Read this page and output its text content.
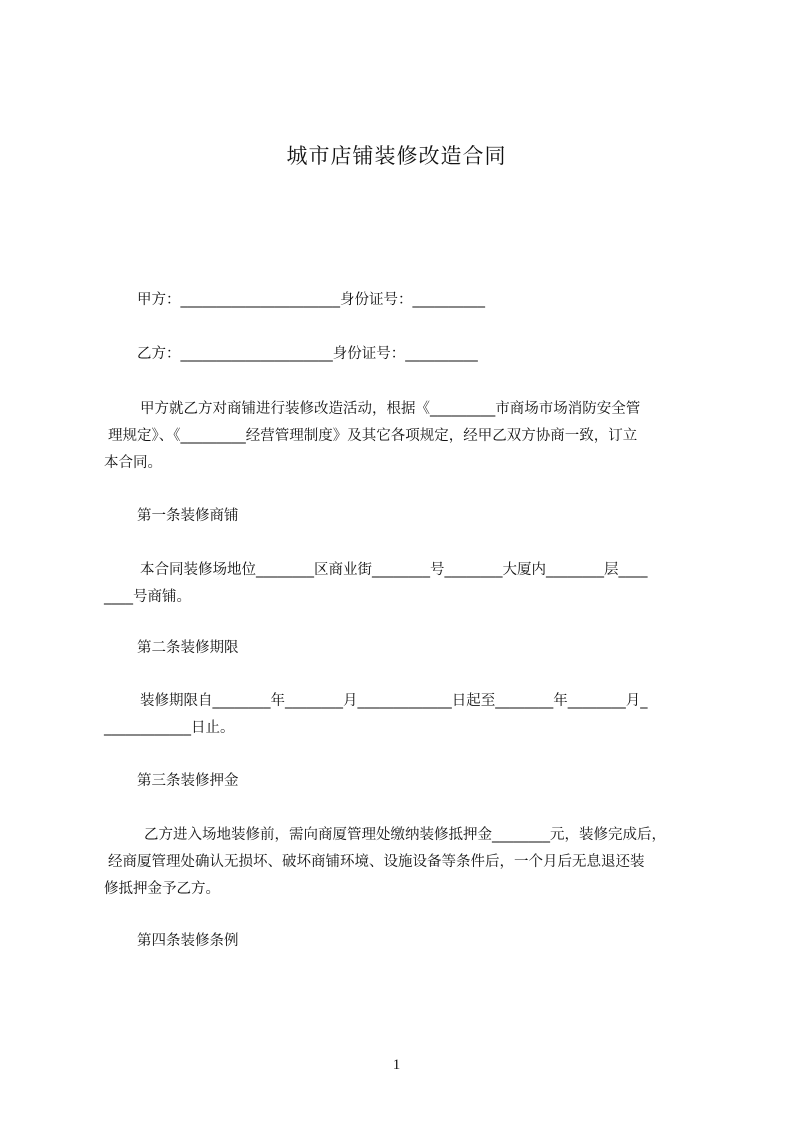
城市店铺装修改造合同
甲方：______________________身份证号：__________
乙方：_____________________身份证号：__________
甲方就乙方对商铺进行装修改造活动，根据《_________市商场市场消防安全管
理规定》、《_________经营管理制度》及其它各项规定，经甲乙双方协商一致，订立
本合同。
第一条装修商铺
本合同装修场地位________区商业街________号________大厦内________层____
____号商铺。
第二条装修期限
装修期限自________年________月_____________日起至________年________月_
____________日止。
第三条装修押金
乙方进入场地装修前，需向商厦管理处缴纳装修抵押金________元，装修完成后，
经商厦管理处确认无损坏、破坏商铺环境、设施设备等条件后，一个月后无息退还装
修抵押金予乙方。
第四条装修条例
1
